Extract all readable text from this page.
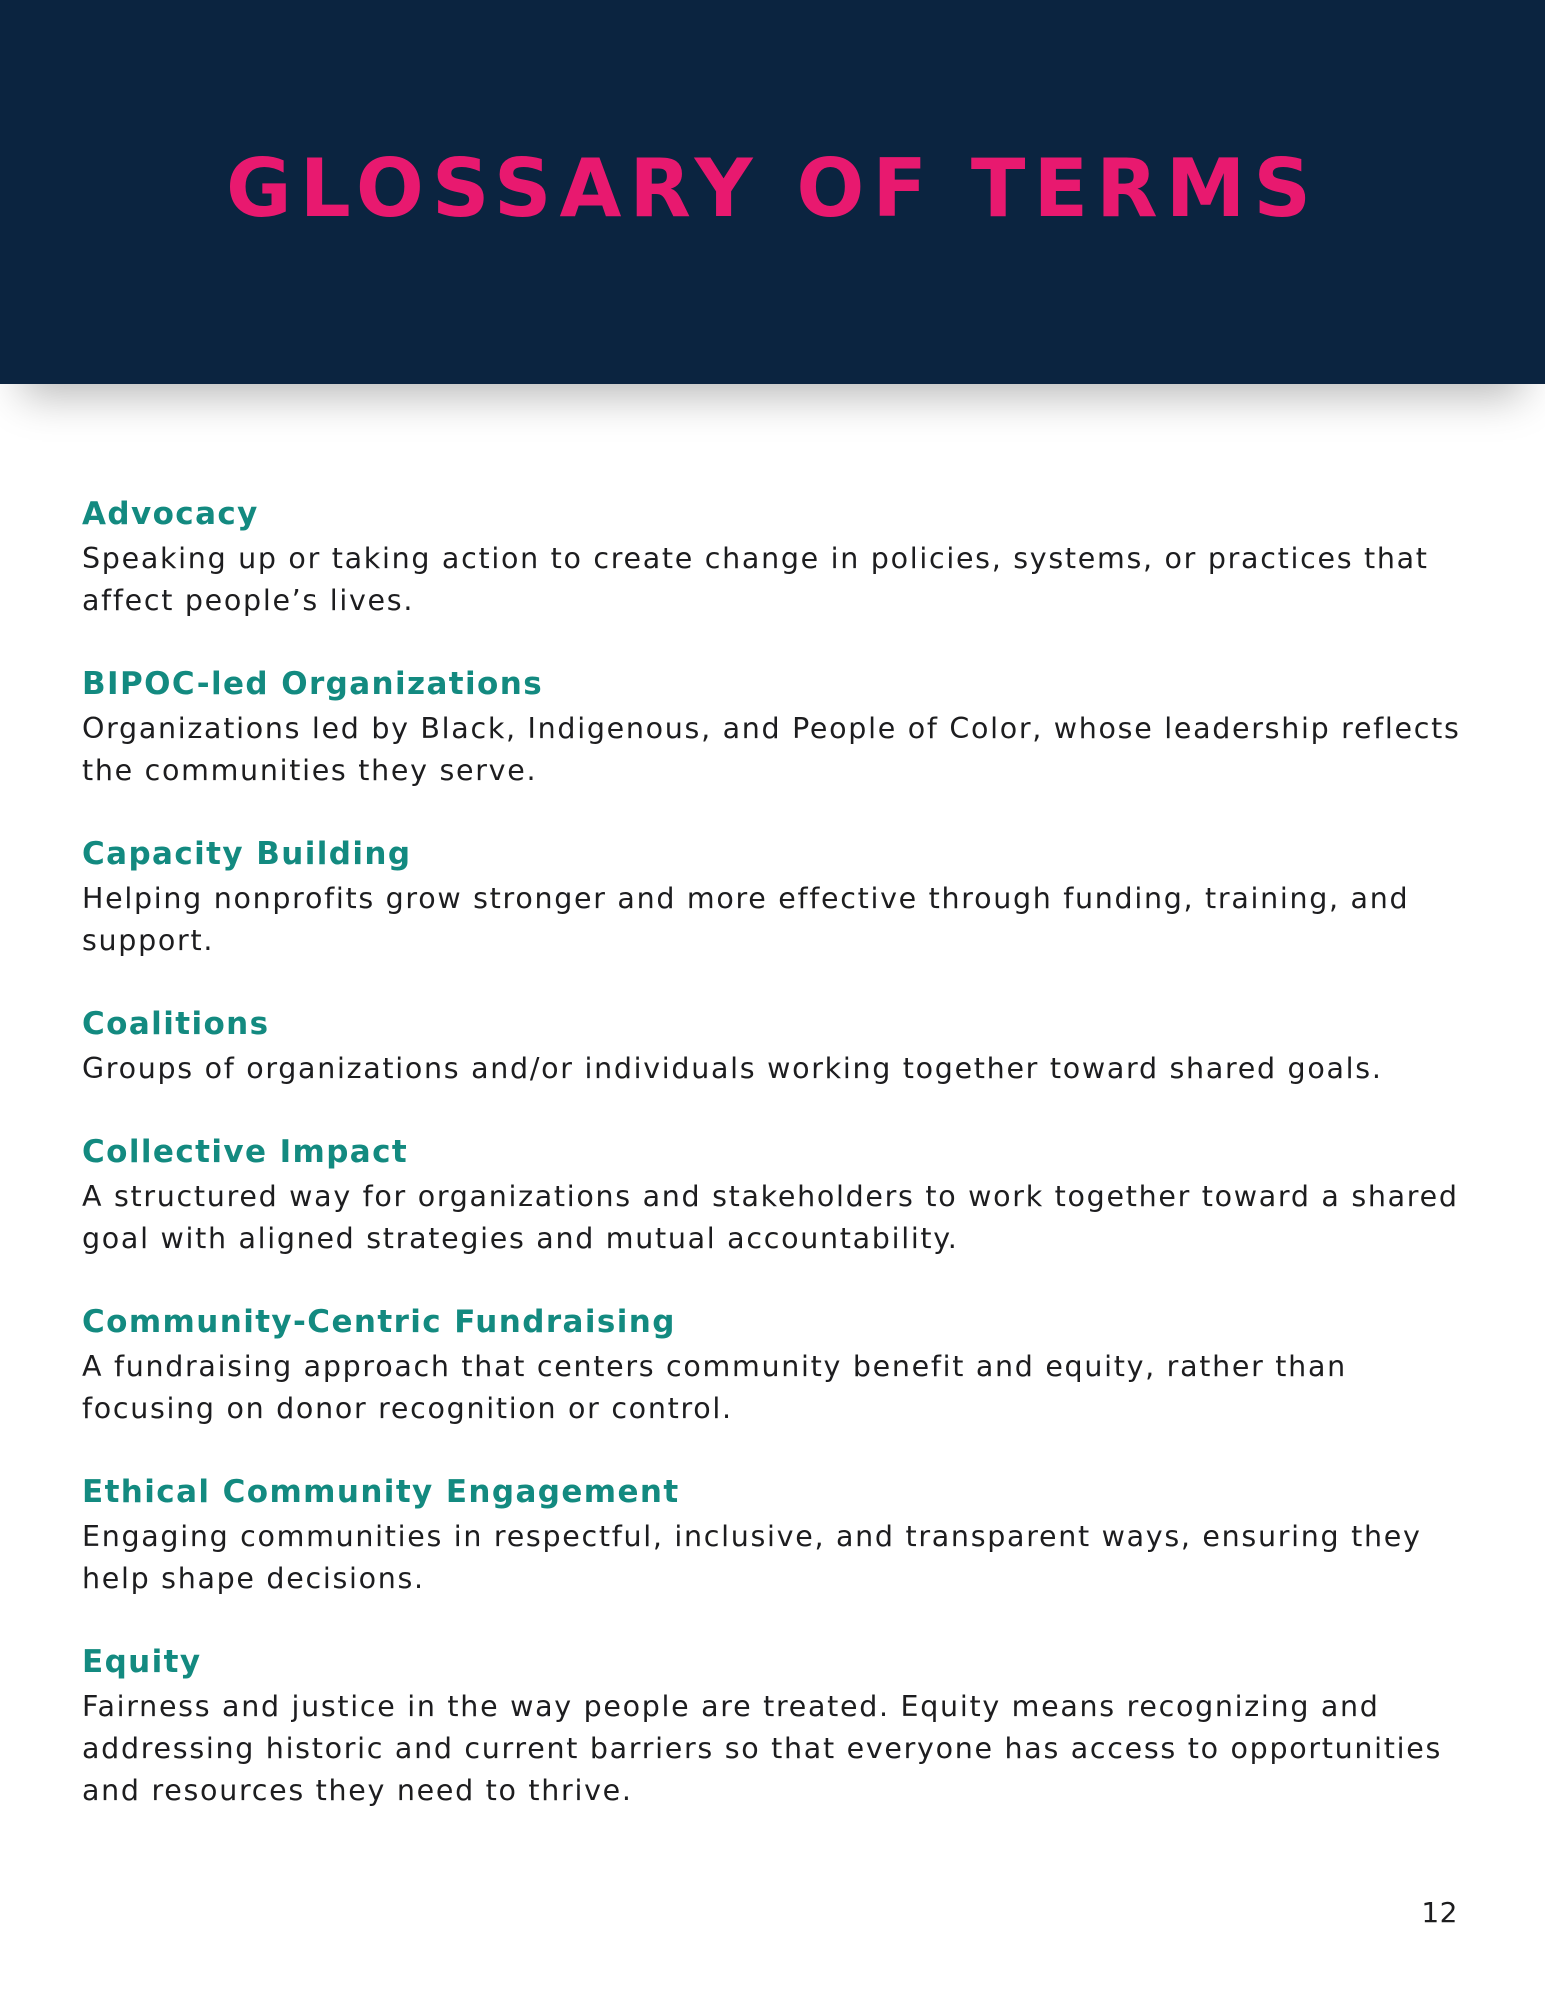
GLOSSARY OF TERMS
Advocacy

Speaking up or taking action to create change in policies, systems, or practices that affect people’s lives.

BIPOC-led Organizations

Organizations led by Black, Indigenous, and People of Color, whose leadership reflects the communities they serve.

Capacity Building

Helping nonprofits grow stronger and more effective through funding, training, and support.

Coalitions

Groups of organizations and/or individuals working together toward shared goals.

Collective Impact

A structured way for organizations and stakeholders to work together toward a shared goal with aligned strategies and mutual accountability.

Community-Centric Fundraising

A fundraising approach that centers community benefit and equity, rather than focusing on donor recognition or control.

Ethical Community Engagement

Engaging communities in respectful, inclusive, and transparent ways, ensuring they help shape decisions.

Equity

Fairness and justice in the way people are treated. Equity means recognizing and addressing historic and current barriers so that everyone has access to opportunities and resources they need to thrive.

12
